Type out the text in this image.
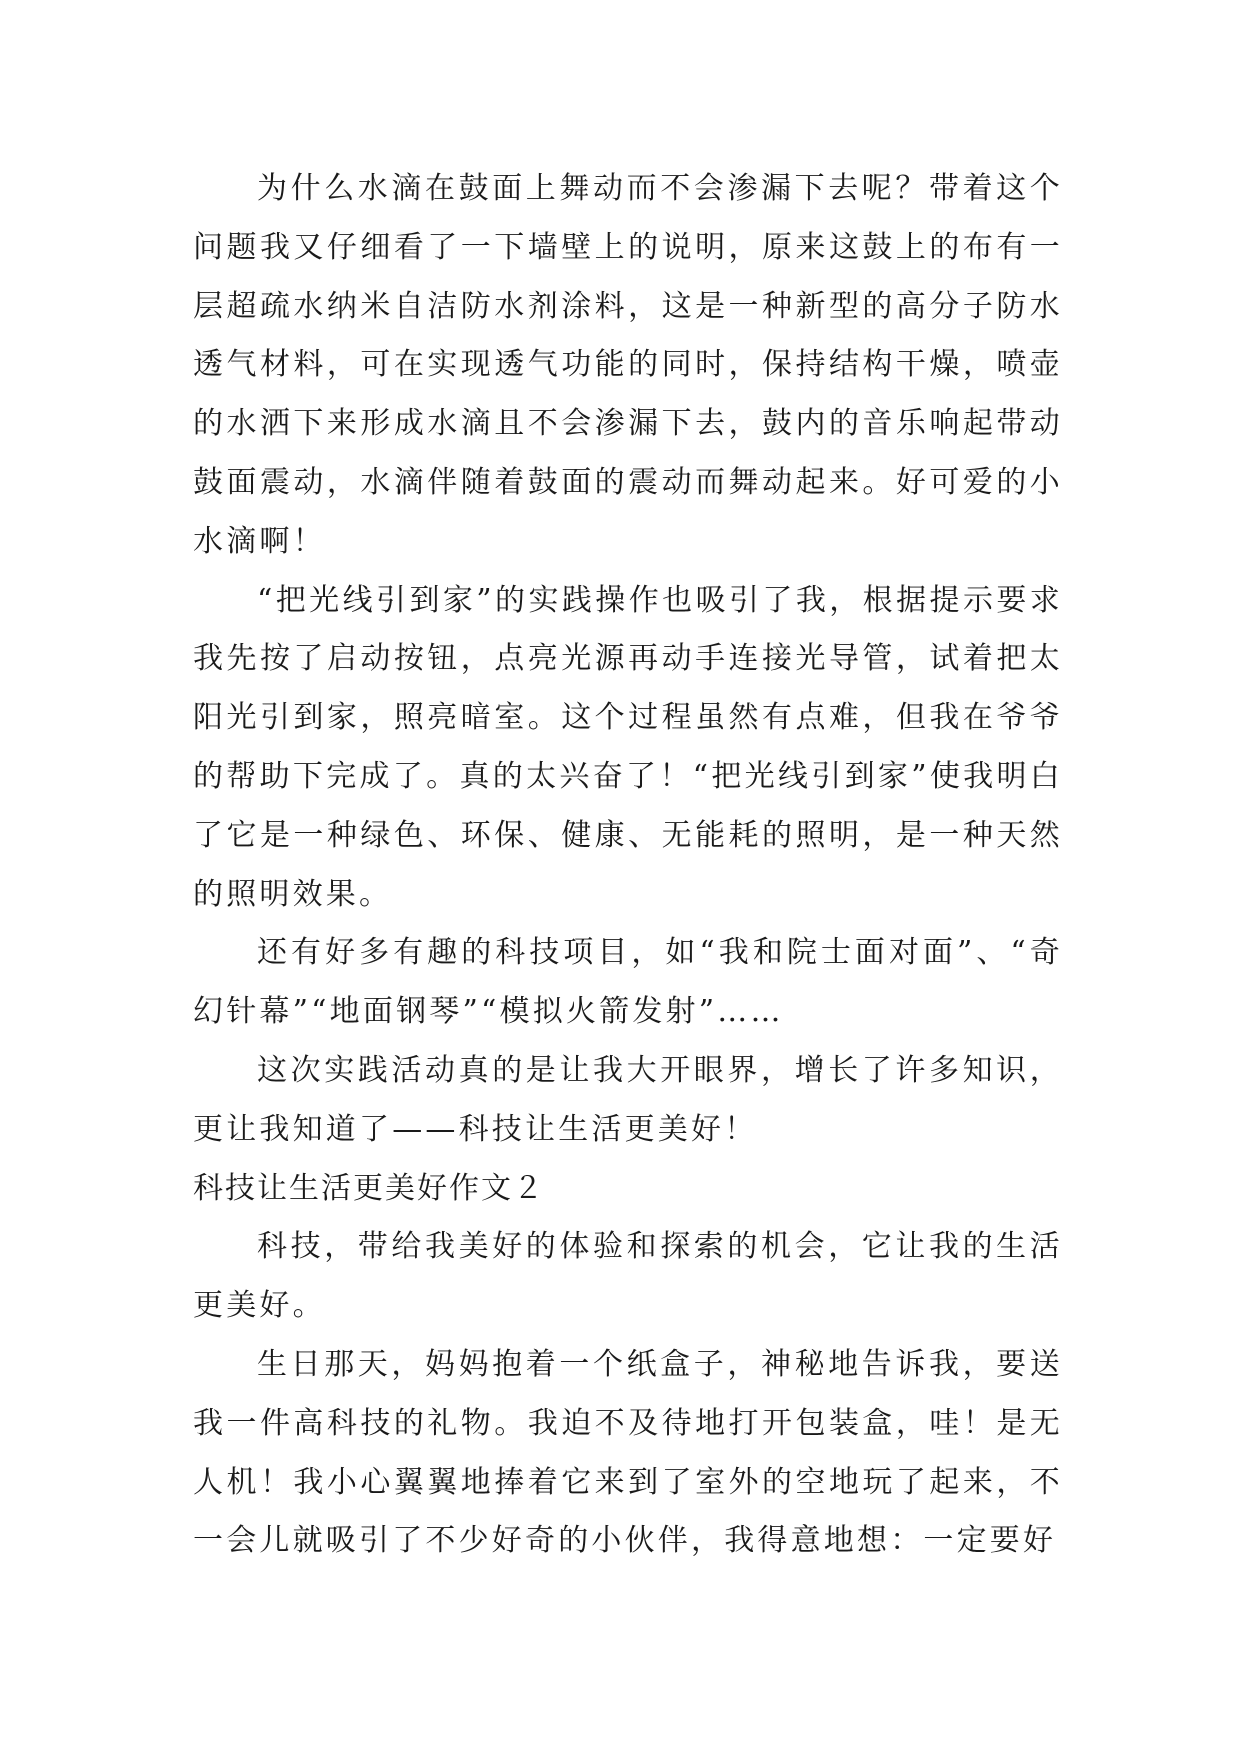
为什么水滴在鼓面上舞动而不会渗漏下去呢？带着这个问题我又仔细看了一下墙壁上的说明，原来这鼓上的布有一层超疏水纳米自洁防水剂涂料，这是一种新型的高分子防水透气材料，可在实现透气功能的同时，保持结构干燥，喷壶的水洒下来形成水滴且不会渗漏下去，鼓内的音乐响起带动鼓面震动，水滴伴随着鼓面的震动而舞动起来。好可爱的小水滴啊！

“把光线引到家”的实践操作也吸引了我，根据提示要求我先按了启动按钮，点亮光源再动手连接光导管，试着把太阳光引到家，照亮暗室。这个过程虽然有点难，但我在爷爷的帮助下完成了。真的太兴奋了！“把光线引到家”使我明白了它是一种绿色、环保、健康、无能耗的照明，是一种天然的照明效果。

还有好多有趣的科技项目，如“我和院士面对面”、“奇幻针幕”“地面钢琴”“模拟火箭发射”……

这次实践活动真的是让我大开眼界，增长了许多知识，更让我知道了——科技让生活更美好！

科技让生活更美好作文２

科技，带给我美好的体验和探索的机会，它让我的生活更美好。

生日那天，妈妈抱着一个纸盒子，神秘地告诉我，要送我一件高科技的礼物。我迫不及待地打开包装盒，哇！是无人机！我小心翼翼地捧着它来到了室外的空地玩了起来，不一会儿就吸引了不少好奇的小伙伴，我得意地想：一定要好
